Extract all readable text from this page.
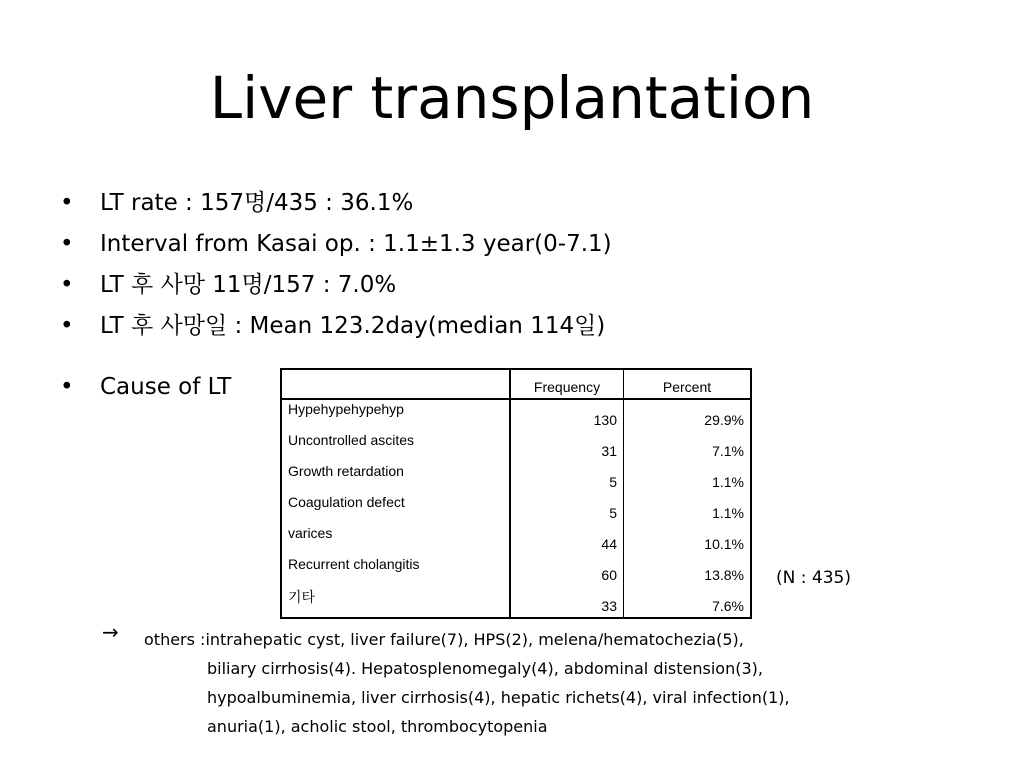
Liver transplantation
• LT rate : 157명/435 : 36.1%
• Interval from Kasai op. : 1.1±1.3 year(0-7.1)
• LT 후 사망 11명/157 : 7.0%
• LT 후 사망일 : Mean 123.2day(median 114일)
• Cause of LT
		Frequency	Percent
Hypehypehypehyp	130	29.9%
Uncontrolled ascites	31	7.1%
Growth retardation	5	1.1%
Coagulation defect	5	1.1%
varices	44	10.1%
Recurrent cholangitis	60	13.8%
기타	33	7.6%
(N : 435)
→ others :intrahepatic cyst, liver failure(7), HPS(2), melena/hematochezia(5),
biliary cirrhosis(4). Hepatosplenomegaly(4), abdominal distension(3),
hypoalbuminemia, liver cirrhosis(4), hepatic richets(4), viral infection(1),
anuria(1), acholic stool, thrombocytopenia
